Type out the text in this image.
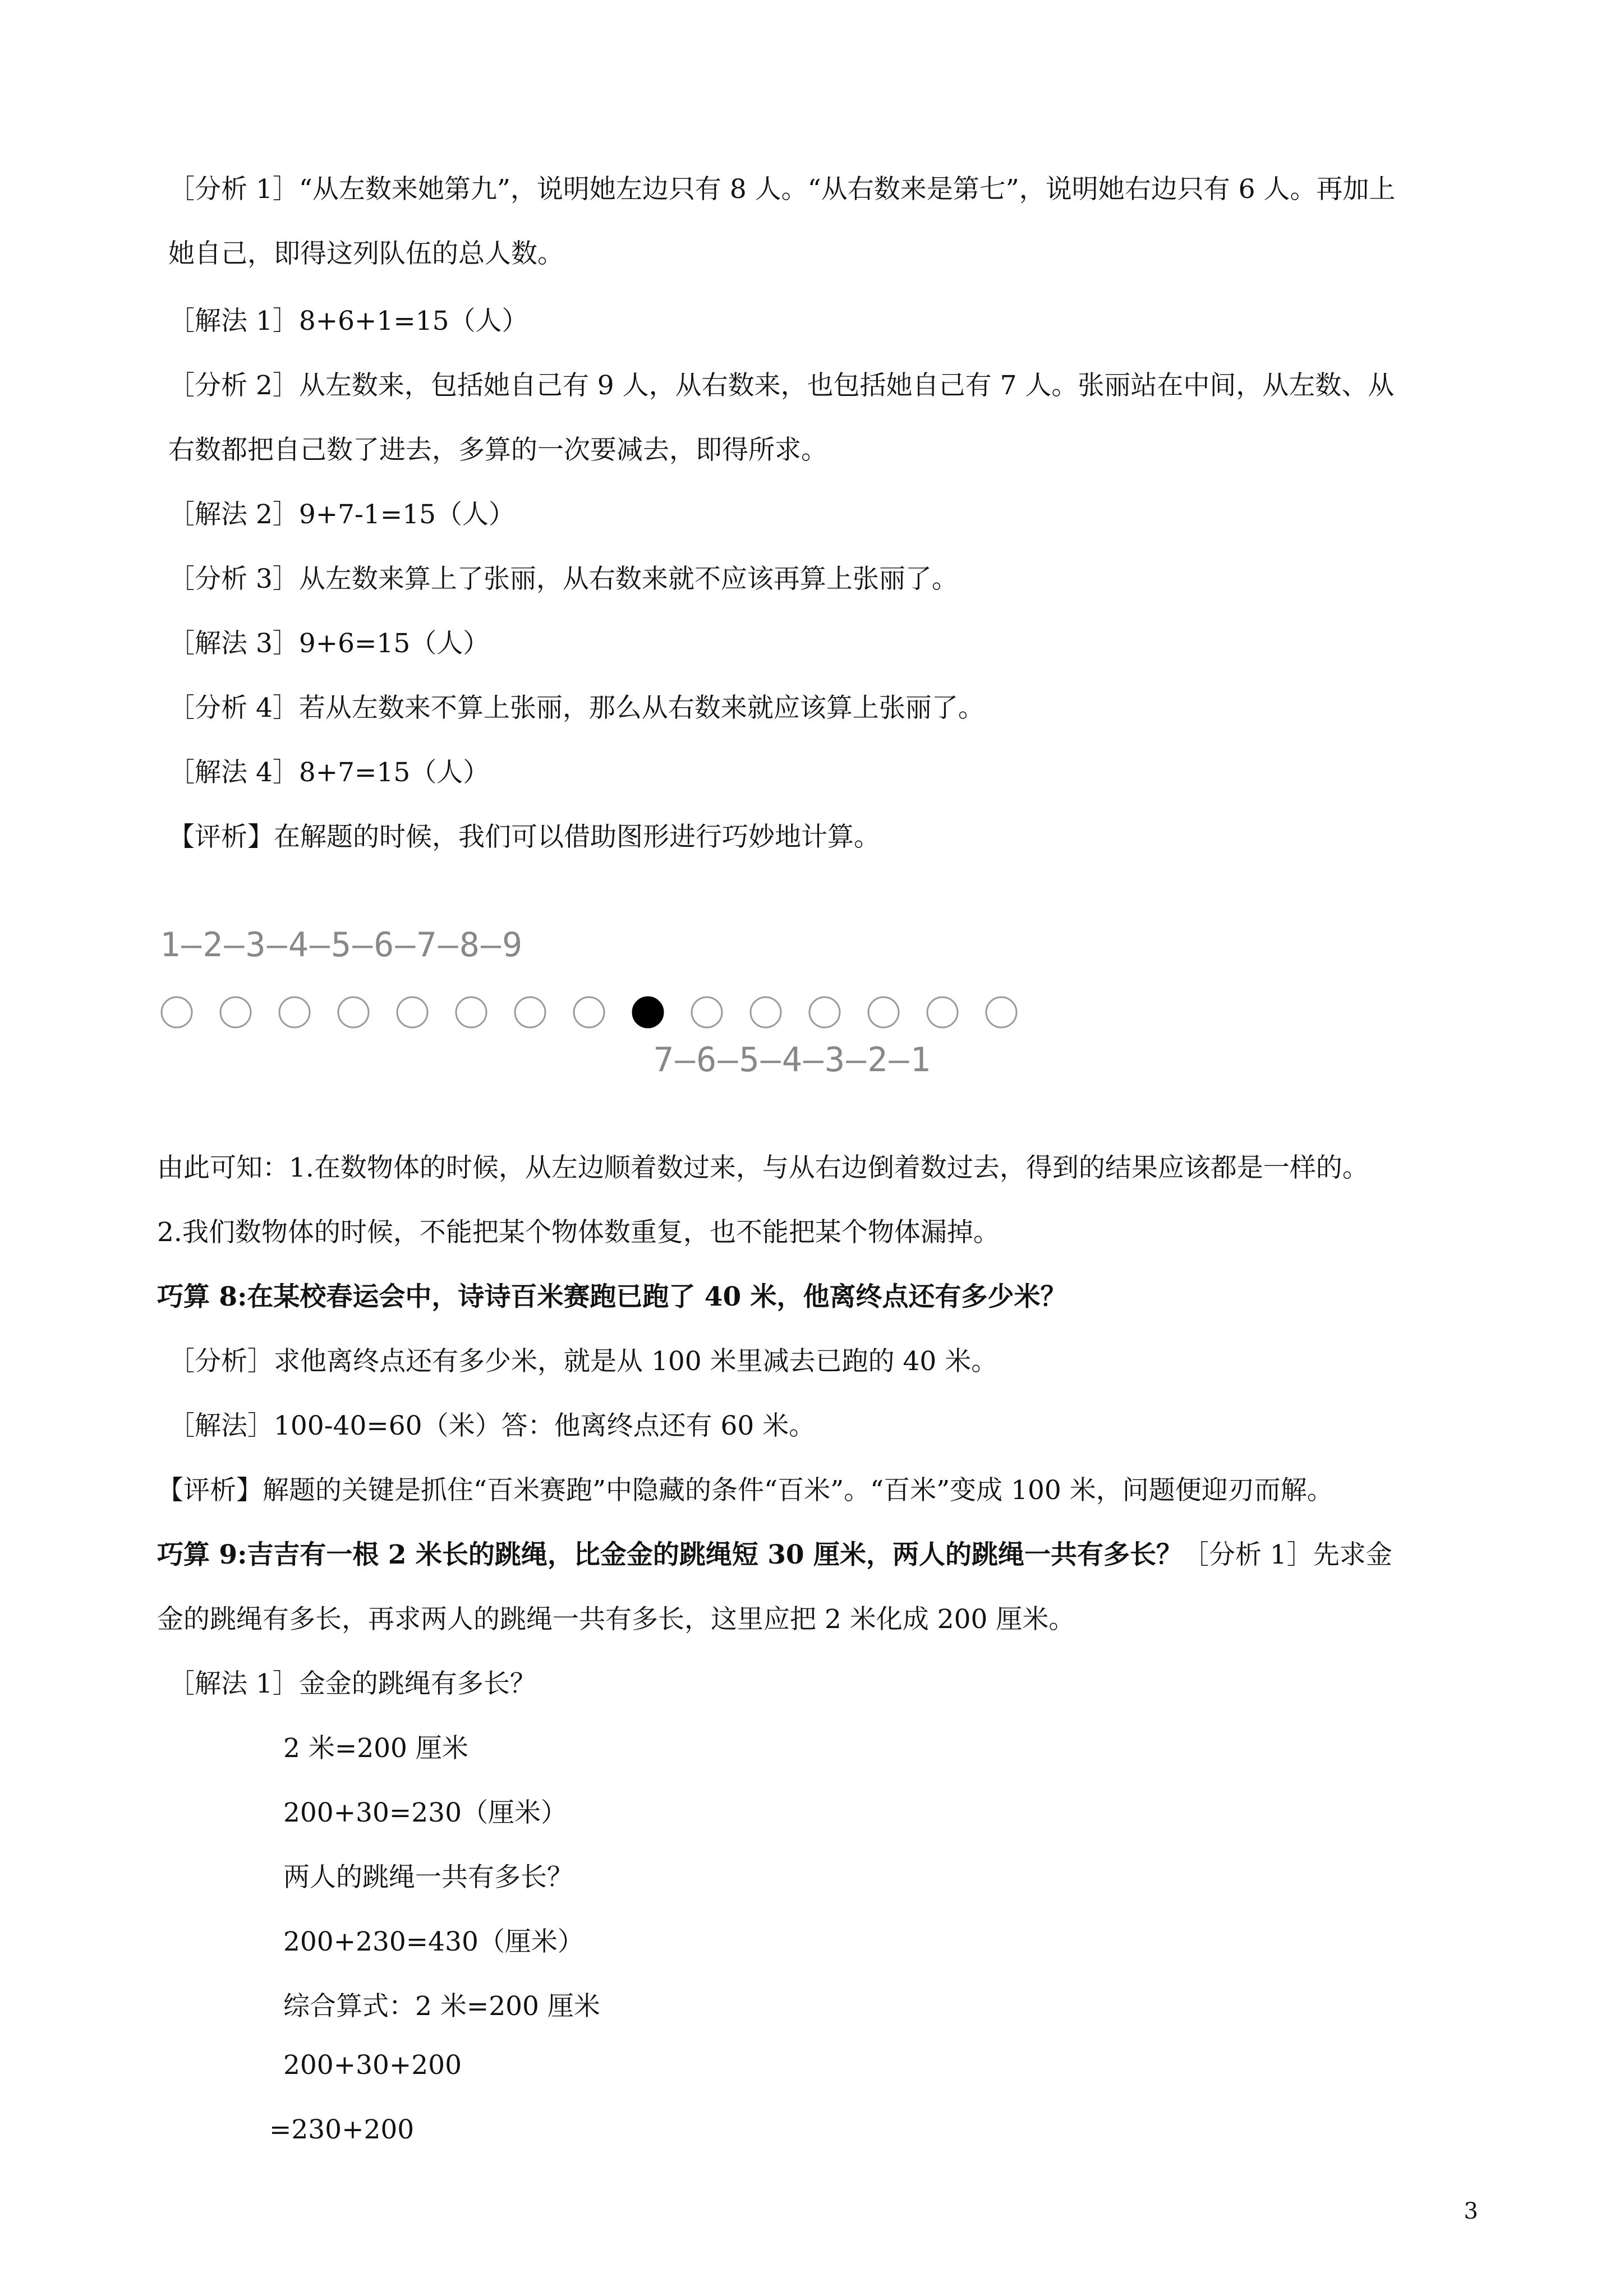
［分析 1］“从左数来她第九”，说明她左边只有 8 人。“从右数来是第七”，说明她右边只有 6 人。再加上
她自己，即得这列队伍的总人数。
［解法 1］8+6+1=15（人）
［分析 2］从左数来，包括她自己有 9 人，从右数来，也包括她自己有 7 人。张丽站在中间，从左数、从
右数都把自己数了进去，多算的一次要减去，即得所求。
［解法 2］9+7-1=15（人）
［分析 3］从左数来算上了张丽，从右数来就不应该再算上张丽了。
［解法 3］9+6=15（人）
［分析 4］若从左数来不算上张丽，那么从右数来就应该算上张丽了。
［解法 4］8+7=15（人）
【评析】在解题的时候，我们可以借助图形进行巧妙地计算。
1—2—3—4—5—6—7—8—9
7—6—5—4—3—2—1
由此可知：1.在数物体的时候，从左边顺着数过来，与从右边倒着数过去，得到的结果应该都是一样的。
2.我们数物体的时候，不能把某个物体数重复，也不能把某个物体漏掉。
巧算 8:在某校春运会中，诗诗百米赛跑已跑了 40 米，他离终点还有多少米？
［分析］求他离终点还有多少米，就是从 100 米里减去已跑的 40 米。
［解法］100-40=60（米）答：他离终点还有 60 米。
【评析】解题的关键是抓住“百米赛跑”中隐藏的条件“百米”。“百米”变成 100 米，问题便迎刃而解。
巧算 9:吉吉有一根 2 米长的跳绳，比金金的跳绳短 30 厘米，两人的跳绳一共有多长？［分析 1］先求金
金的跳绳有多长，再求两人的跳绳一共有多长，这里应把 2 米化成 200 厘米。
［解法 1］金金的跳绳有多长？
2 米=200 厘米
200+30=230（厘米）
两人的跳绳一共有多长？
200+230=430（厘米）
综合算式：2 米=200 厘米
200+30+200
=230+200
3
